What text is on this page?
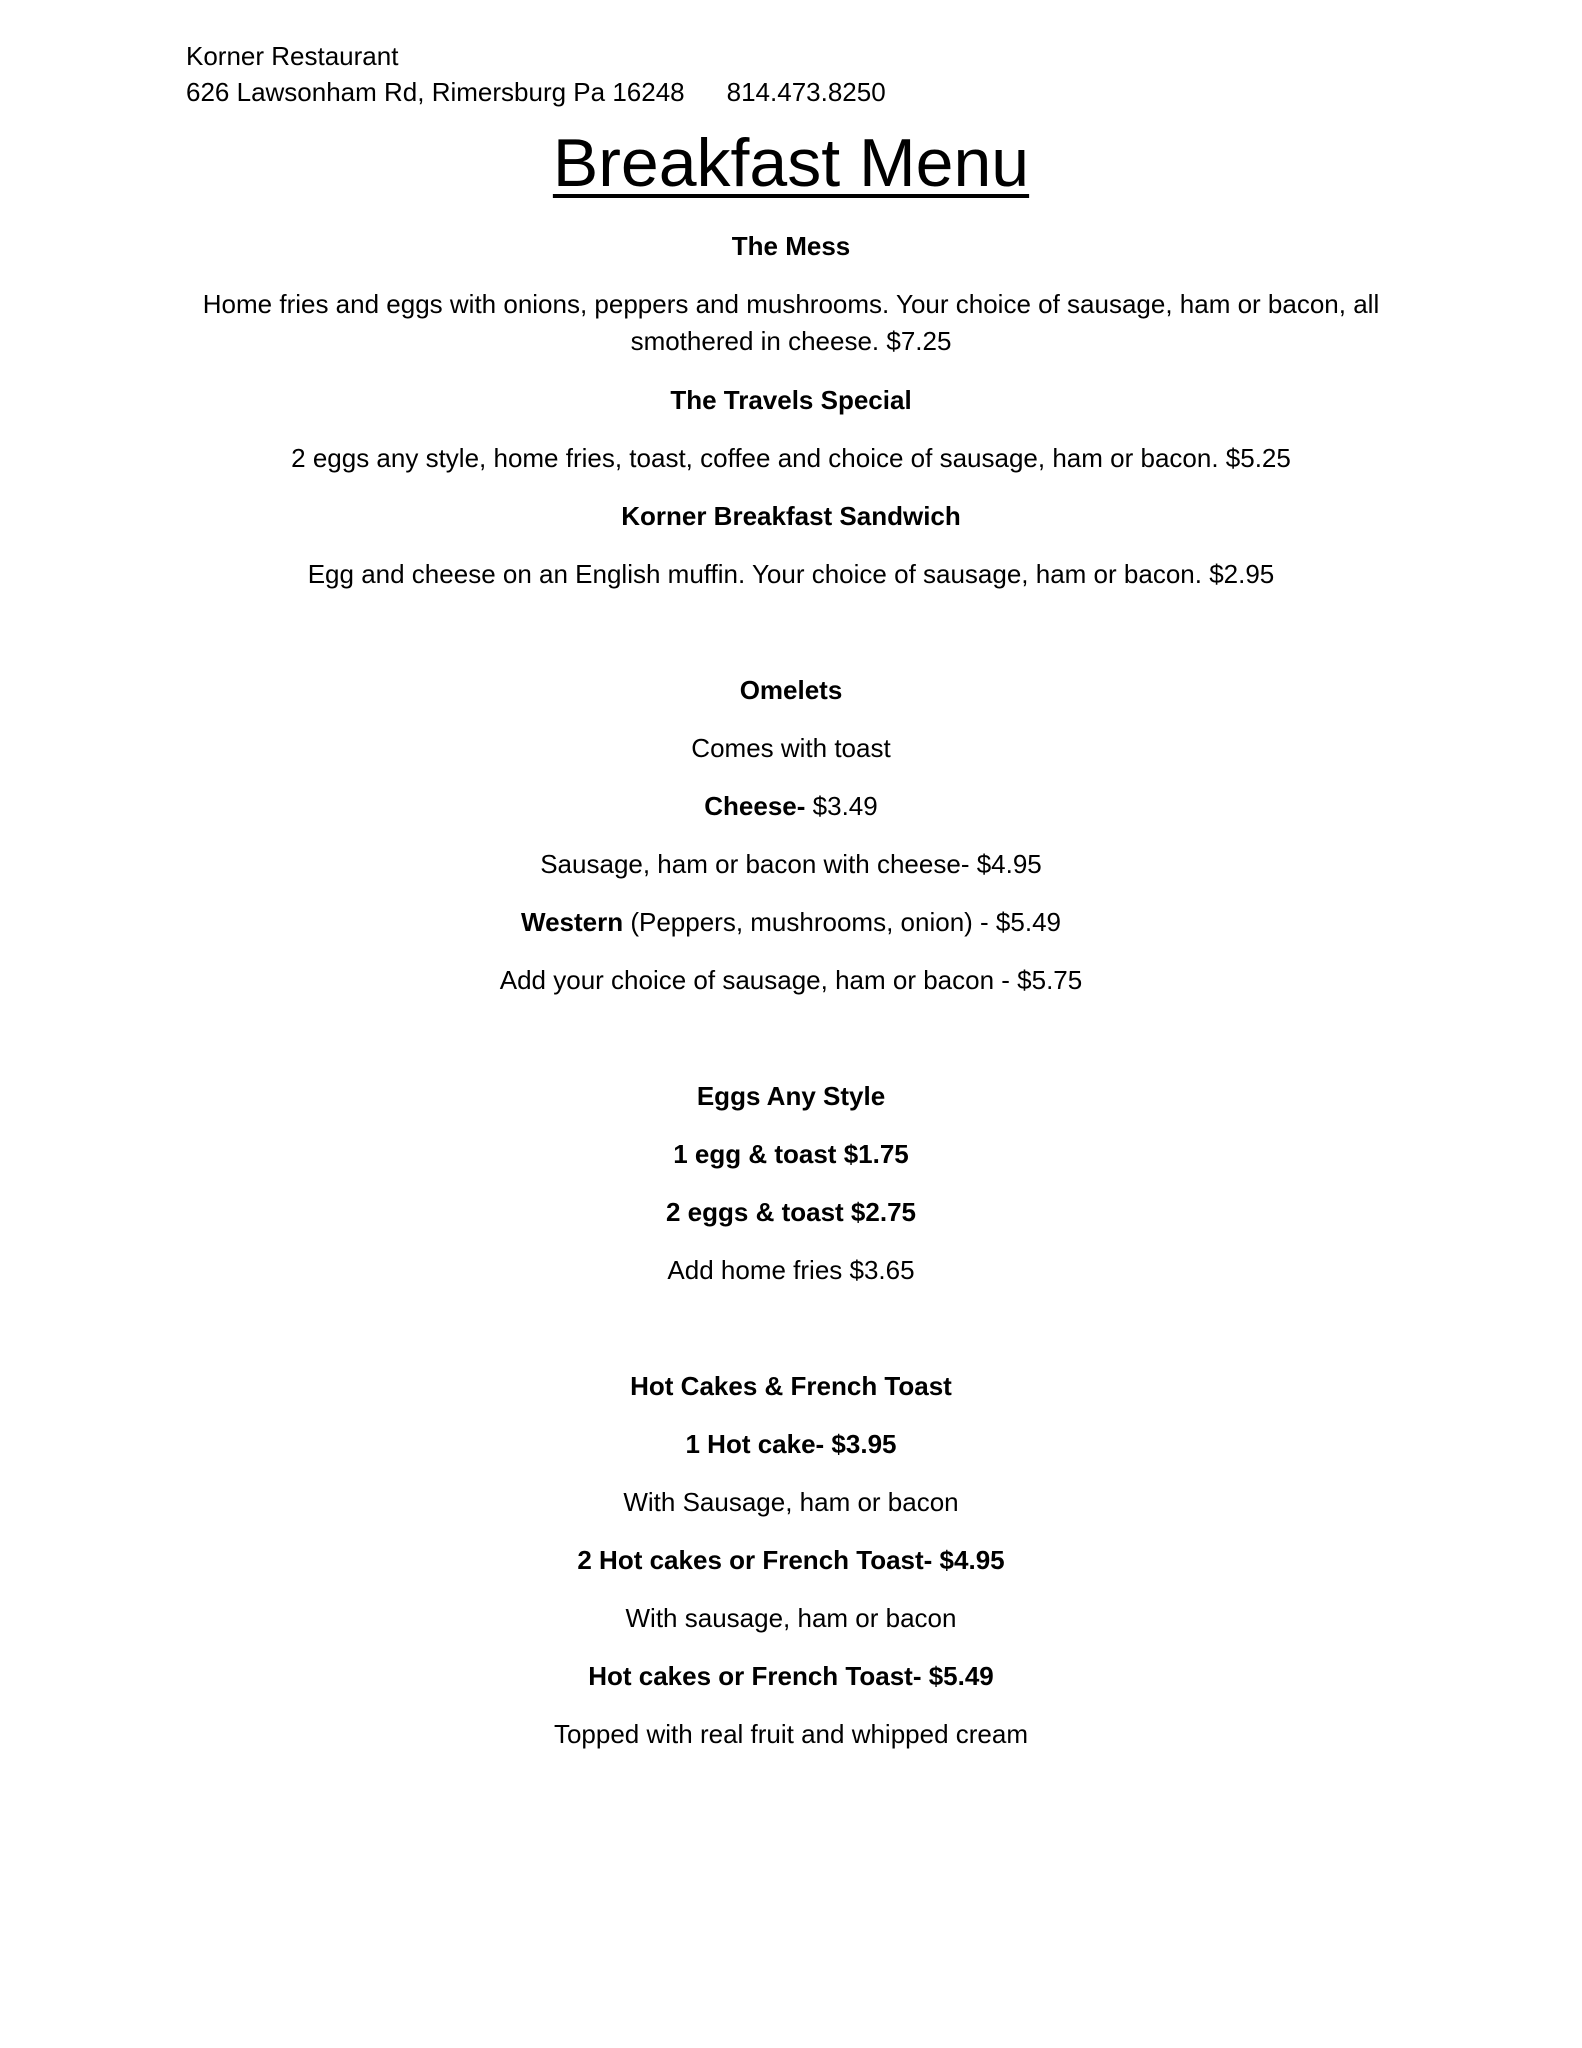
Korner Restaurant
626 Lawsonham Rd, Rimersburg Pa 16248 814.473.8250
Breakfast Menu
The Mess
Home fries and eggs with onions, peppers and mushrooms. Your choice of sausage, ham or bacon, all smothered in cheese. $7.25
The Travels Special
2 eggs any style, home fries, toast, coffee and choice of sausage, ham or bacon. $5.25
Korner Breakfast Sandwich
Egg and cheese on an English muffin. Your choice of sausage, ham or bacon. $2.95
Omelets
Comes with toast
Cheese- $3.49
Sausage, ham or bacon with cheese- $4.95
Western (Peppers, mushrooms, onion) - $5.49
Add your choice of sausage, ham or bacon - $5.75
Eggs Any Style
1 egg & toast $1.75
2 eggs & toast $2.75
Add home fries $3.65
Hot Cakes & French Toast
1 Hot cake- $3.95
With Sausage, ham or bacon
2 Hot cakes or French Toast- $4.95
With sausage, ham or bacon
Hot cakes or French Toast- $5.49
Topped with real fruit and whipped cream
